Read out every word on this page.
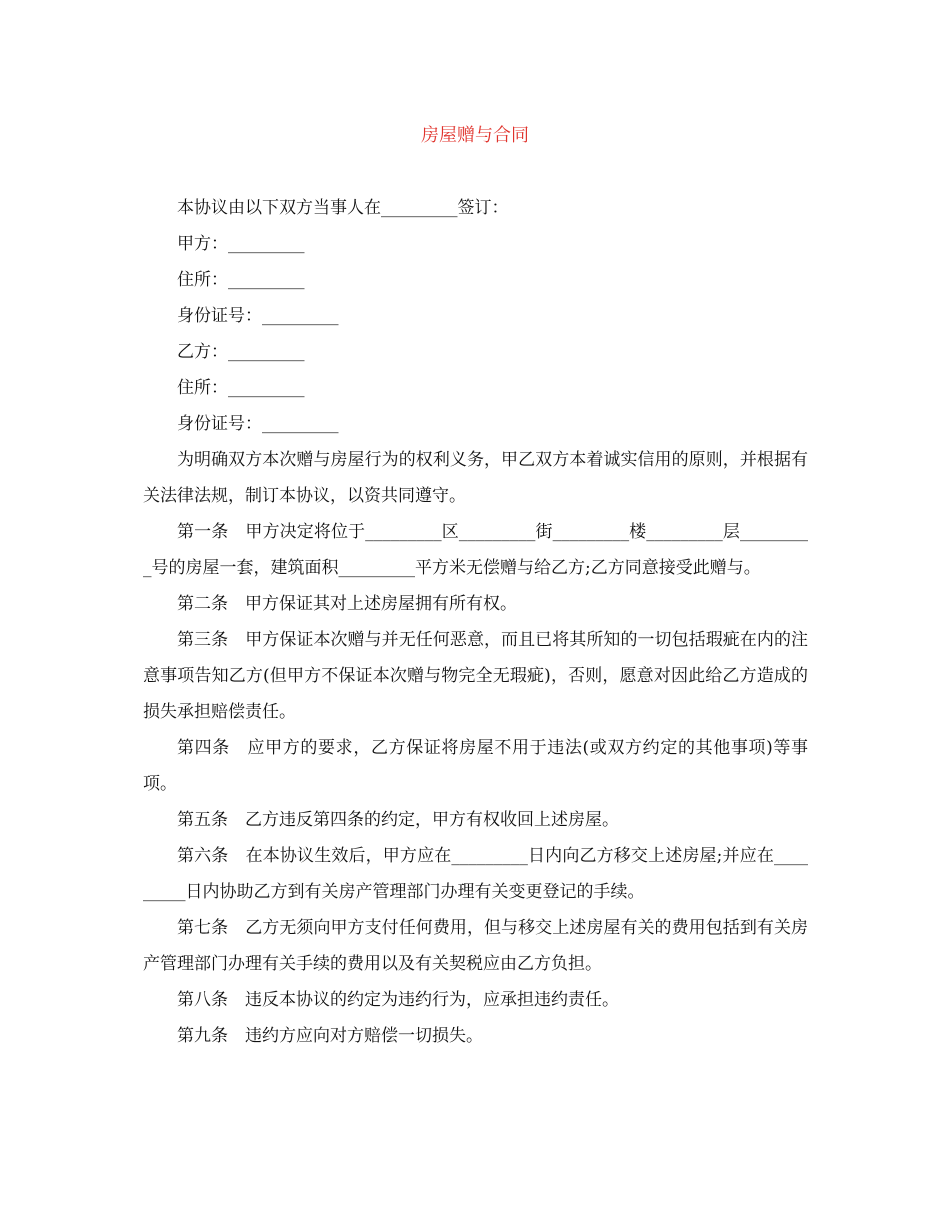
房屋赠与合同

本协议由以下双方当事人在_________签订：

甲方：_________

住所：_________

身份证号：_________

乙方：_________

住所：_________

身份证号：_________

为明确双方本次赠与房屋行为的权利义务，甲乙双方本着诚实信用的原则，并根据有关法律法规，制订本协议，以资共同遵守。

第一条　甲方决定将位于_________区_________街_________楼_________层_________号的房屋一套，建筑面积_________平方米无偿赠与给乙方;乙方同意接受此赠与。

第二条　甲方保证其对上述房屋拥有所有权。

第三条　甲方保证本次赠与并无任何恶意，而且已将其所知的一切包括瑕疵在内的注意事项告知乙方(但甲方不保证本次赠与物完全无瑕疵)，否则，愿意对因此给乙方造成的损失承担赔偿责任。

第四条　应甲方的要求，乙方保证将房屋不用于违法(或双方约定的其他事项)等事项。

第五条　乙方违反第四条的约定，甲方有权收回上述房屋。

第六条　在本协议生效后，甲方应在_________日内向乙方移交上述房屋;并应在_________日内协助乙方到有关房产管理部门办理有关变更登记的手续。

第七条　乙方无须向甲方支付任何费用，但与移交上述房屋有关的费用包括到有关房产管理部门办理有关手续的费用以及有关契税应由乙方负担。

第八条　违反本协议的约定为违约行为，应承担违约责任。

第九条　违约方应向对方赔偿一切损失。
